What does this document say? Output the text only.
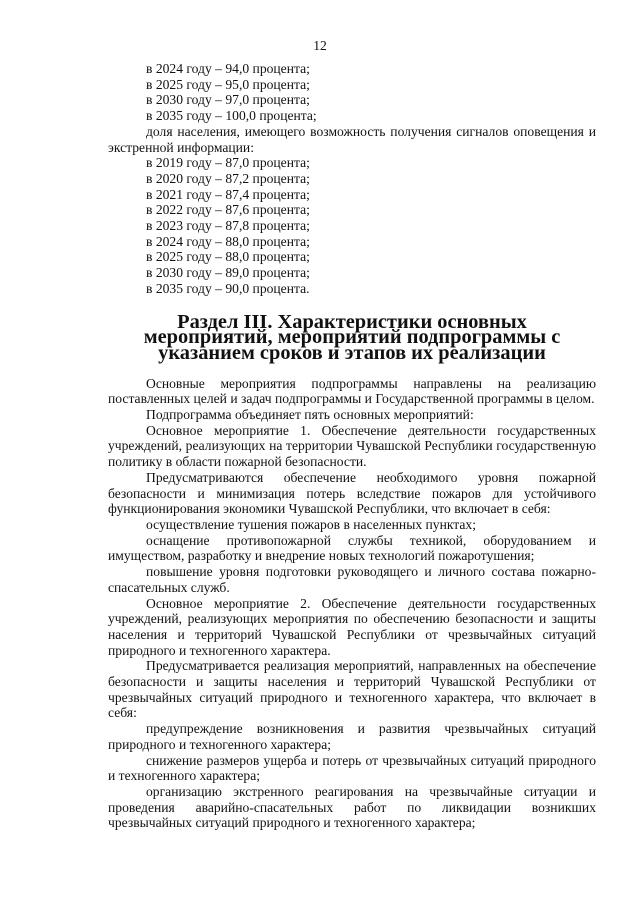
12

в 2024 году – 94,0 процента;

в 2025 году – 95,0 процента;

в 2030 году – 97,0 процента;

в 2035 году – 100,0 процента;

доля населения, имеющего возможность получения сигналов оповещения и экстренной информации:

в 2019 году – 87,0 процента;

в 2020 году – 87,2 процента;

в 2021 году – 87,4 процента;

в 2022 году – 87,6 процента;

в 2023 году – 87,8 процента;

в 2024 году – 88,0 процента;

в 2025 году – 88,0 процента;

в 2030 году – 89,0 процента;

в 2035 году – 90,0 процента.

Раздел III. Характеристики основных мероприятий, мероприятий подпрограммы с указанием сроков и этапов их реализации

Основные мероприятия подпрограммы направлены на реализацию поставленных целей и задач подпрограммы и Государственной программы в целом.

Подпрограмма объединяет пять основных мероприятий:

Основное мероприятие 1. Обеспечение деятельности государственных учреждений, реализующих на территории Чувашской Республики государственную политику в области пожарной безопасности.

Предусматриваются обеспечение необходимого уровня пожарной безопасности и минимизация потерь вследствие пожаров для устойчивого функционирования экономики Чувашской Республики, что включает в себя:

осуществление тушения пожаров в населенных пунктах;

оснащение противопожарной службы техникой, оборудованием и имуществом, разработку и внедрение новых технологий пожаротушения;

повышение уровня подготовки руководящего и личного состава пожарно-спасательных служб.

Основное мероприятие 2. Обеспечение деятельности государственных учреждений, реализующих мероприятия по обеспечению безопасности и защиты населения и территорий Чувашской Республики от чрезвычайных ситуаций природного и техногенного характера.

Предусматривается реализация мероприятий, направленных на обеспечение безопасности и защиты населения и территорий Чувашской Республики от чрезвычайных ситуаций природного и техногенного характера, что включает в себя:

предупреждение возникновения и развития чрезвычайных ситуаций природного и техногенного характера;

снижение размеров ущерба и потерь от чрезвычайных ситуаций природного и техногенного характера;

организацию экстренного реагирования на чрезвычайные ситуации и проведения аварийно-спасательных работ по ликвидации возникших чрезвычайных ситуаций природного и техногенного характера;
